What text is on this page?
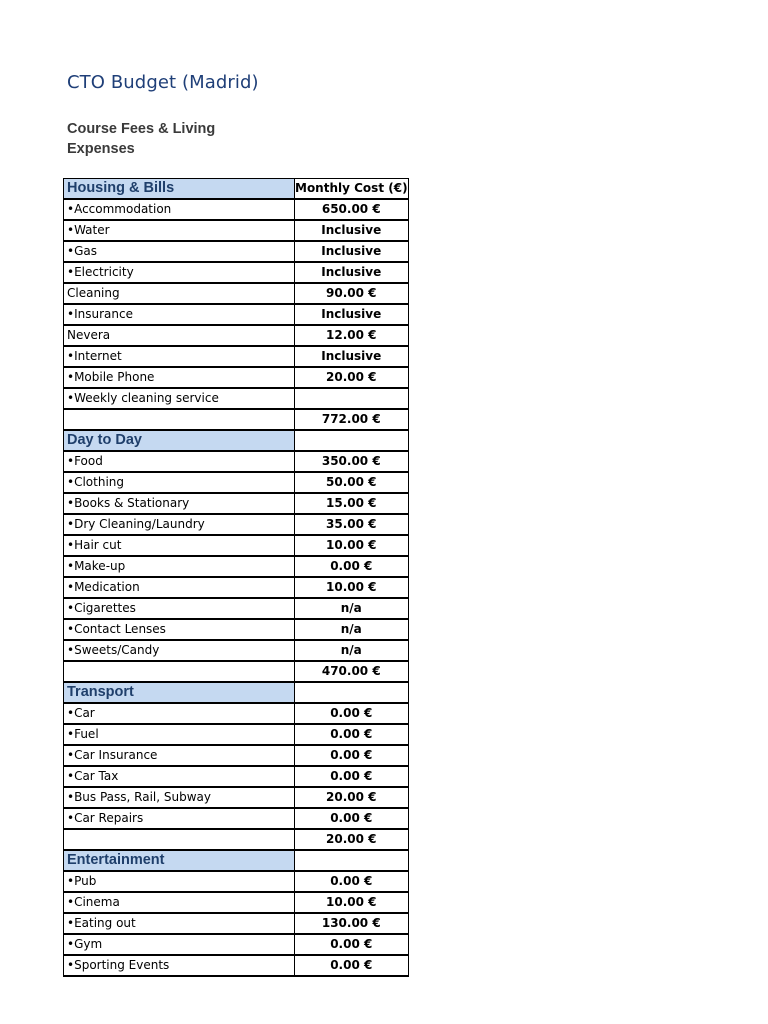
CTO Budget (Madrid)
Course Fees & Living Expenses
Housing & Bills	Monthly Cost (€)
•Accommodation	650.00 €
•Water	Inclusive
•Gas	Inclusive
•Electricity	Inclusive
Cleaning	90.00 €
•Insurance	Inclusive
Nevera	12.00 €
•Internet	Inclusive
•Mobile Phone	20.00 €
•Weekly cleaning service	
	772.00 €
Day to Day	
•Food	350.00 €
•Clothing	50.00 €
•Books & Stationary	15.00 €
•Dry Cleaning/Laundry	35.00 €
•Hair cut	10.00 €
•Make-up	0.00 €
•Medication	10.00 €
•Cigarettes	n/a
•Contact Lenses	n/a
•Sweets/Candy	n/a
	470.00 €
Transport	
•Car	0.00 €
•Fuel	0.00 €
•Car Insurance	0.00 €
•Car Tax	0.00 €
•Bus Pass, Rail, Subway	20.00 €
•Car Repairs	0.00 €
	20.00 €
Entertainment	
•Pub	0.00 €
•Cinema	10.00 €
•Eating out	130.00 €
•Gym	0.00 €
•Sporting Events	0.00 €
